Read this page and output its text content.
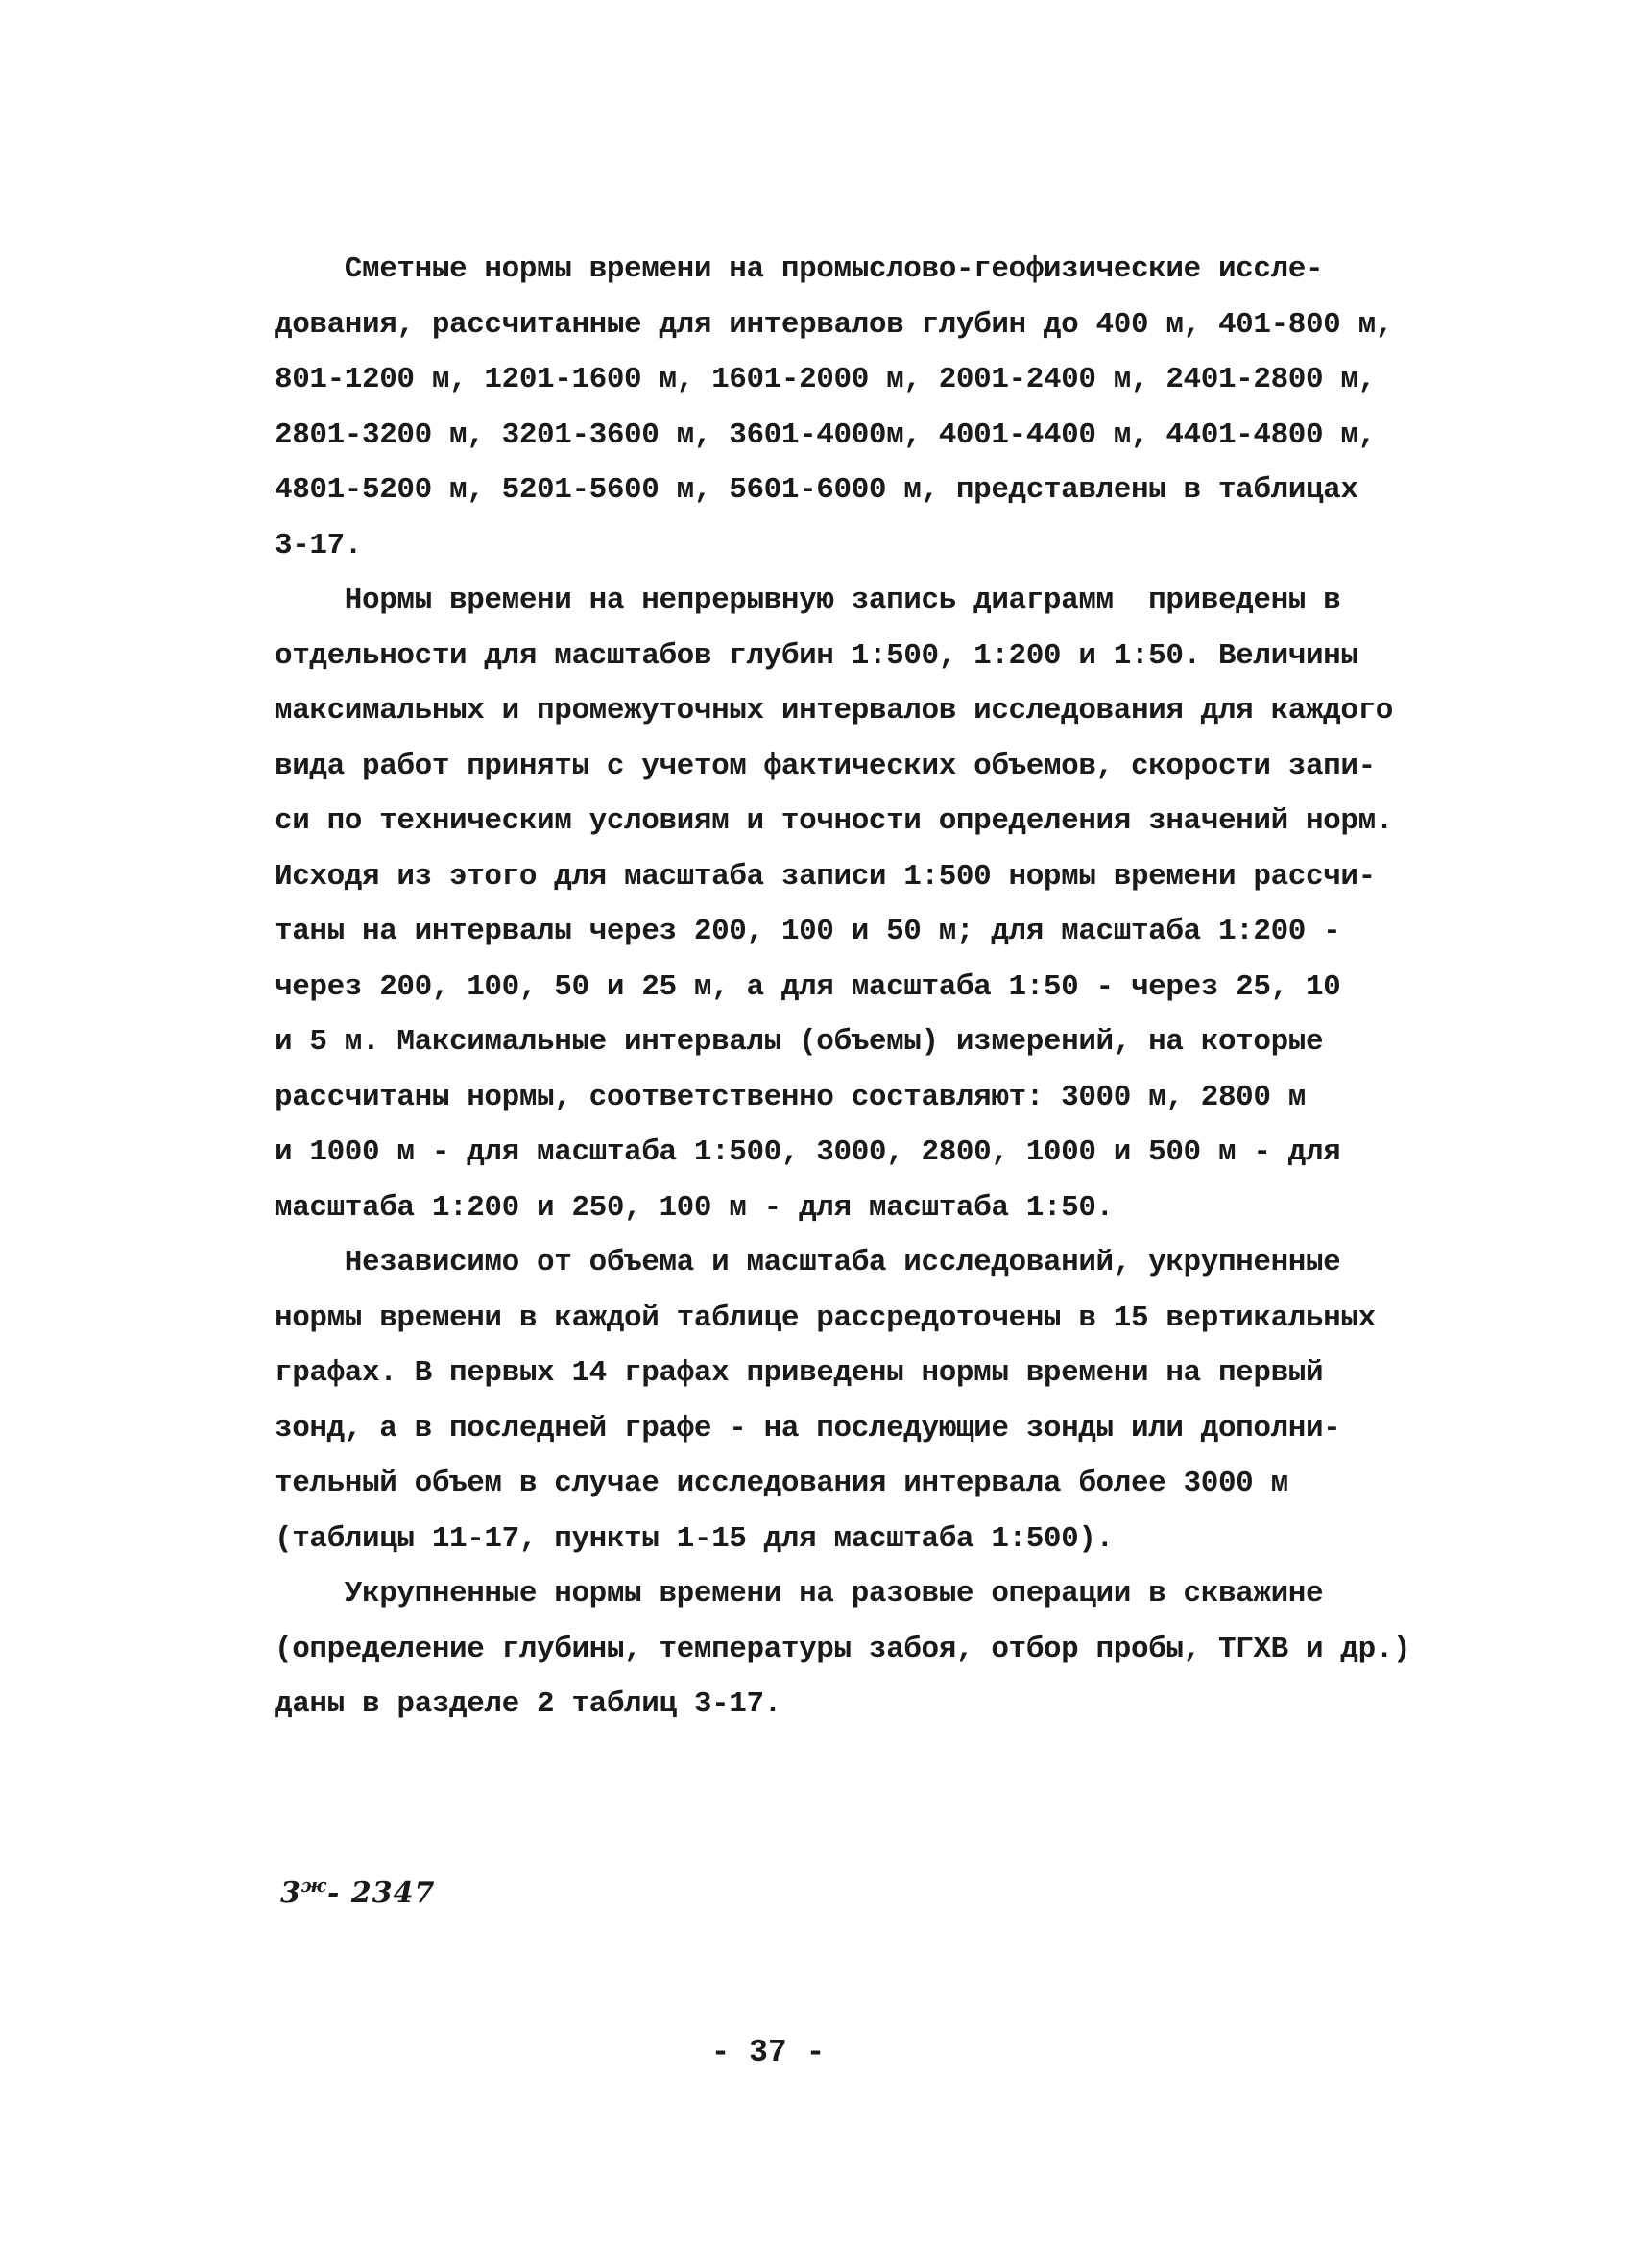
Сметные нормы времени на промыслово-геофизические иссле-
дования, рассчитанные для интервалов глубин до 400 м, 401-800 м,
801-1200 м, 1201-1600 м, 1601-2000 м, 2001-2400 м, 2401-2800 м,
2801-3200 м, 3201-3600 м, 3601-4000м, 4001-4400 м, 4401-4800 м,
4801-5200 м, 5201-5600 м, 5601-6000 м, представлены в таблицах
3-17.
Нормы времени на непрерывную запись диаграмм  приведены в
отдельности для масштабов глубин 1:500, 1:200 и 1:50. Величины
максимальных и промежуточных интервалов исследования для каждого
вида работ приняты с учетом фактических объемов, скорости запи-
си по техническим условиям и точности определения значений норм.
Исходя из этого для масштаба записи 1:500 нормы времени рассчи-
таны на интервалы через 200, 100 и 50 м; для масштаба 1:200 -
через 200, 100, 50 и 25 м, а для масштаба 1:50 - через 25, 10
и 5 м. Максимальные интервалы (объемы) измерений, на которые
рассчитаны нормы, соответственно составляют: 3000 м, 2800 м
и 1000 м - для масштаба 1:500, 3000, 2800, 1000 и 500 м - для
масштаба 1:200 и 250, 100 м - для масштаба 1:50.
Независимо от объема и масштаба исследований, укрупненные
нормы времени в каждой таблице рассредоточены в 15 вертикальных
графах. В первых 14 графах приведены нормы времени на первый
зонд, а в последней графе - на последующие зонды или дополни-
тельный объем в случае исследования интервала более 3000 м
(таблицы 11-17, пункты 1-15 для масштаба 1:500).
Укрупненные нормы времени на разовые операции в скважине
(определение глубины, температуры забоя, отбор пробы, ТГХВ и др.)
даны в разделе 2 таблиц 3-17.
$3^ж-$ 2347
- 37 -
